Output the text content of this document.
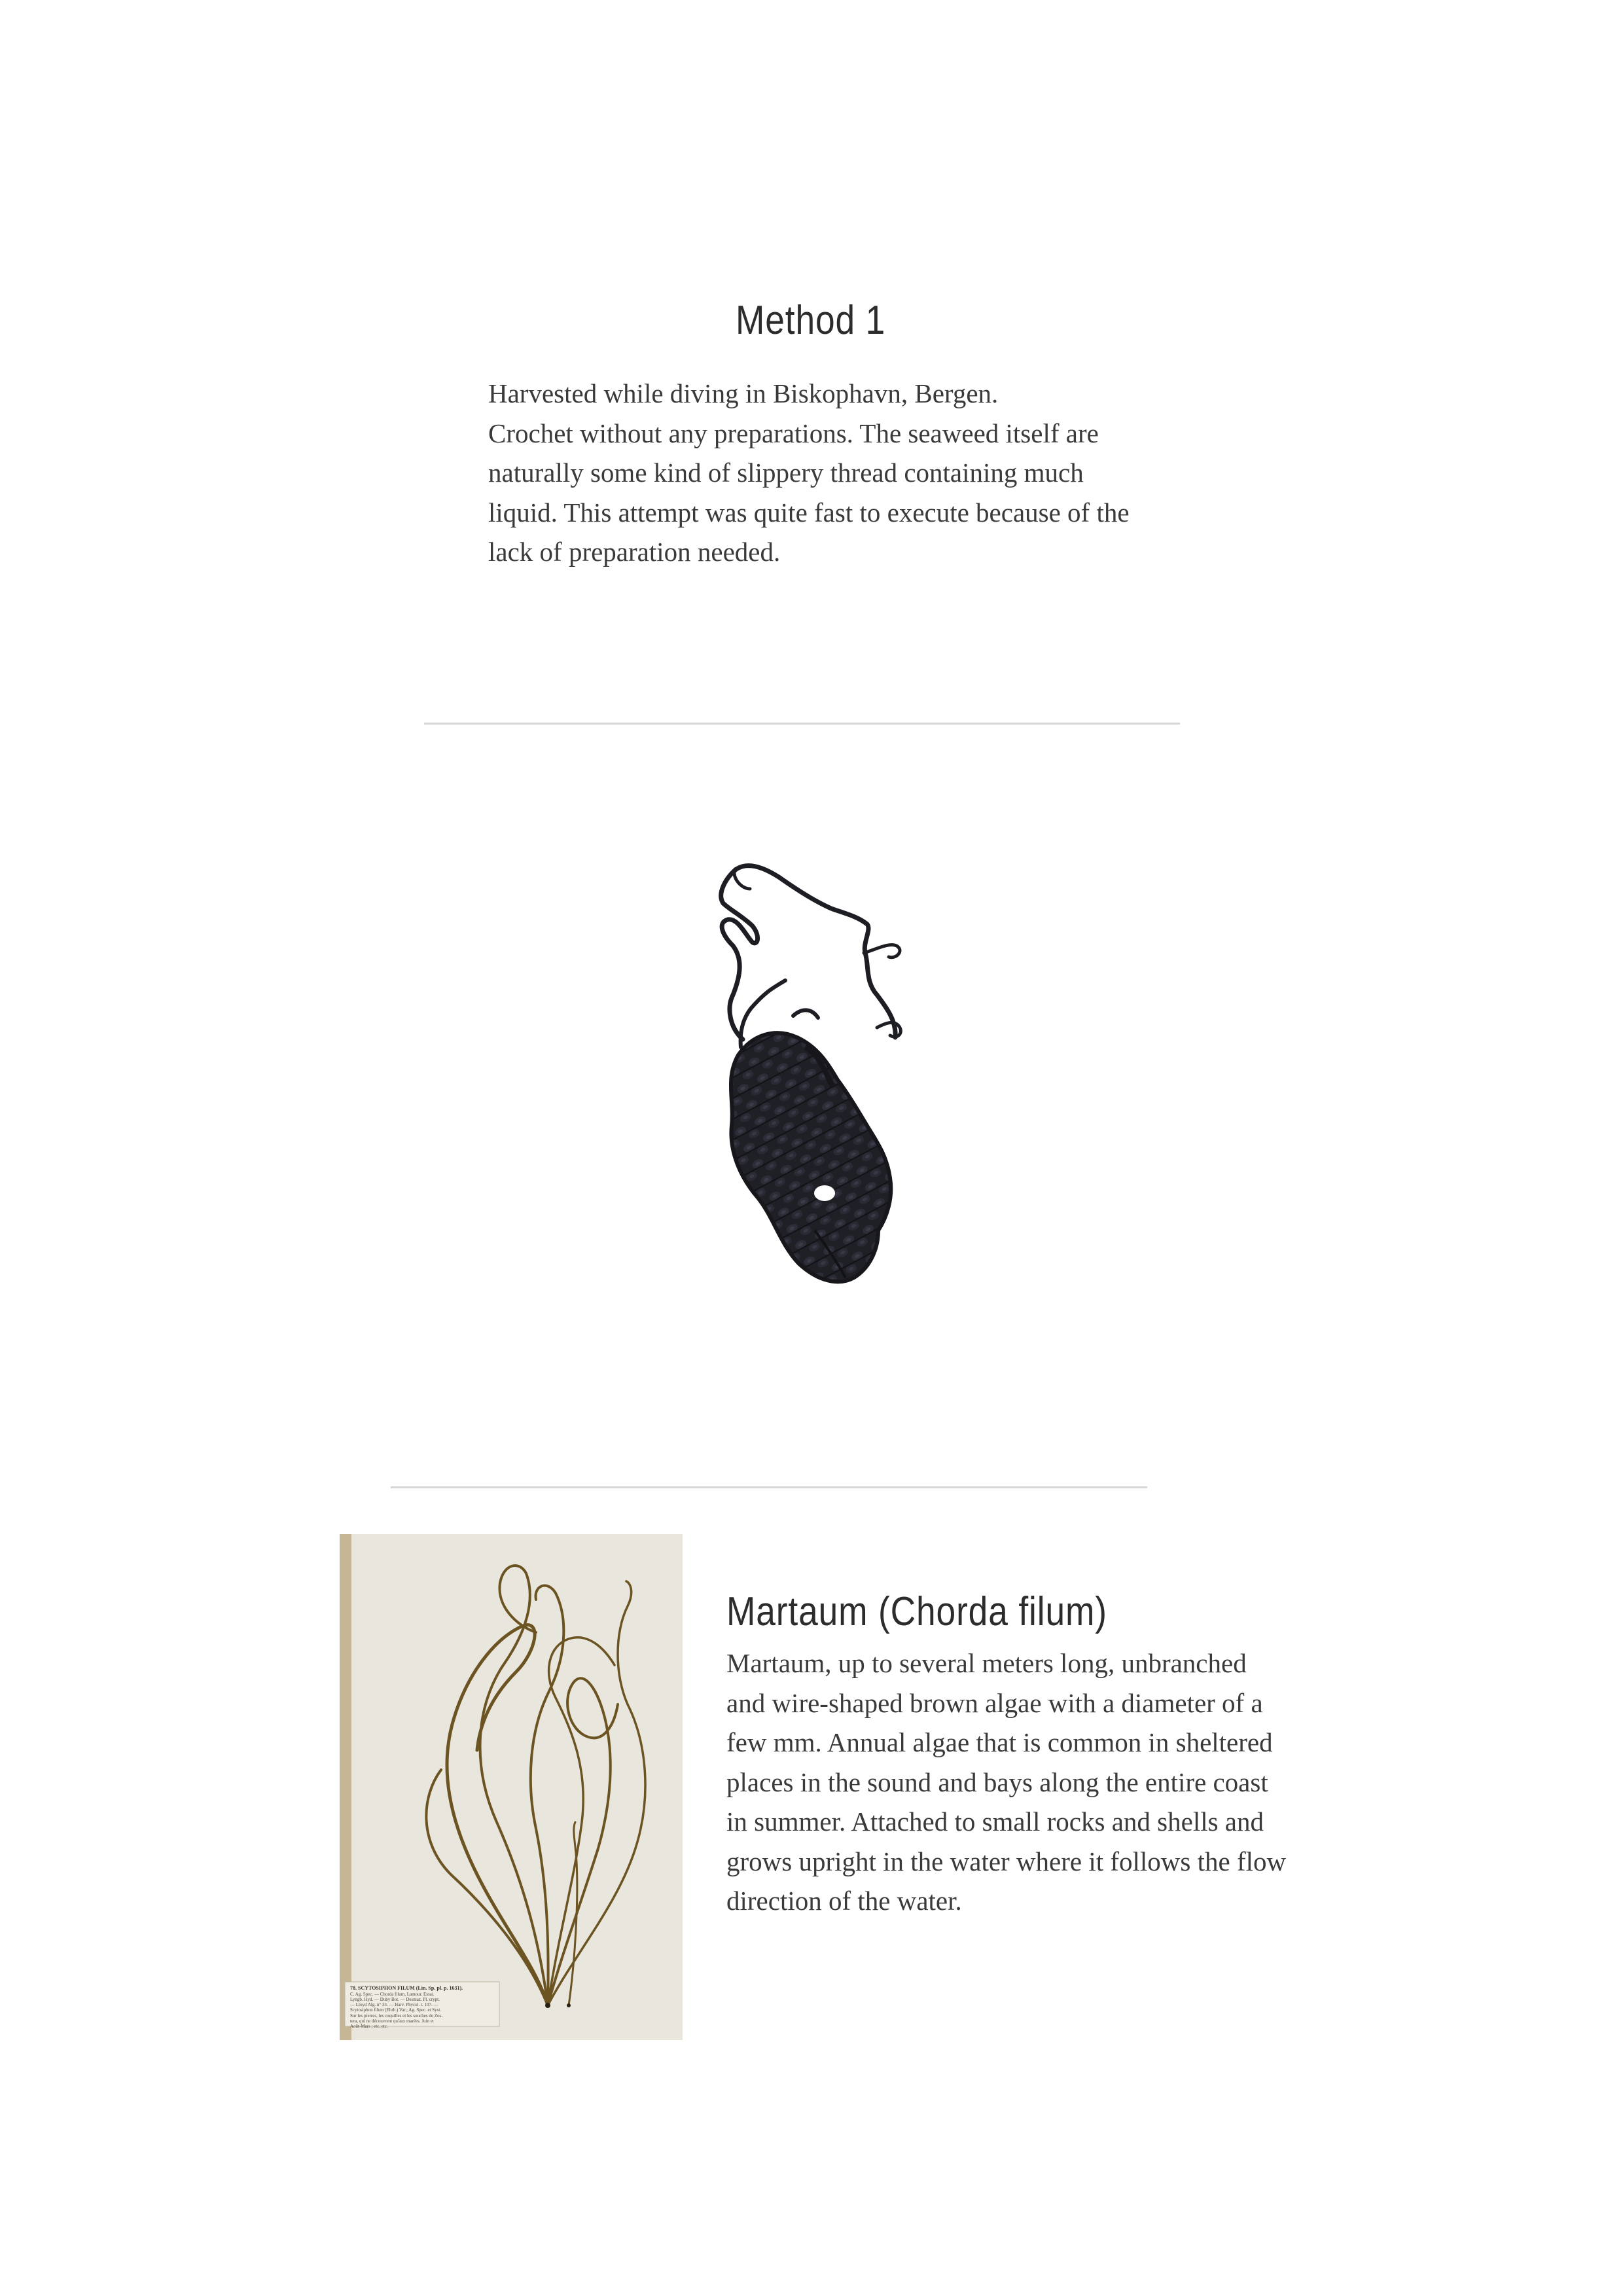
Method 1

Harvested while diving in Biskophavn, Bergen.
Crochet without any preparations. The seaweed itself are
naturally some kind of slippery thread containing much
liquid. This attempt was quite fast to execute because of the
lack of preparation needed.

78. SCYTOSIPHON FILUM (Lin. Sp. pl. p. 1631).
C. Ag. Spec. — Chorda filum, Lamour. Essai.
Lyngb. Hyd. — Duby Bot. — Desmaz. Pl. crypt.
— Lloyd Alg. n° 33. — Harv. Phycol. t. 107. —
Scytosiphon filum (Ehrh.) Var.; Ag. Spec. et Syst.
Sur les pierres, les coquilles et les souches de Zos-
tera, qui ne découvrent qu'aux marées. Juin et
Août-Mars ; etc. etc.
Martaum (Chorda filum)

Martaum, up to several meters long, unbranched
and wire-shaped brown algae with a diameter of a
few mm. Annual algae that is common in sheltered
places in the sound and bays along the entire coast
in summer. Attached to small rocks and shells and
grows upright in the water where it follows the flow
direction of the water.
